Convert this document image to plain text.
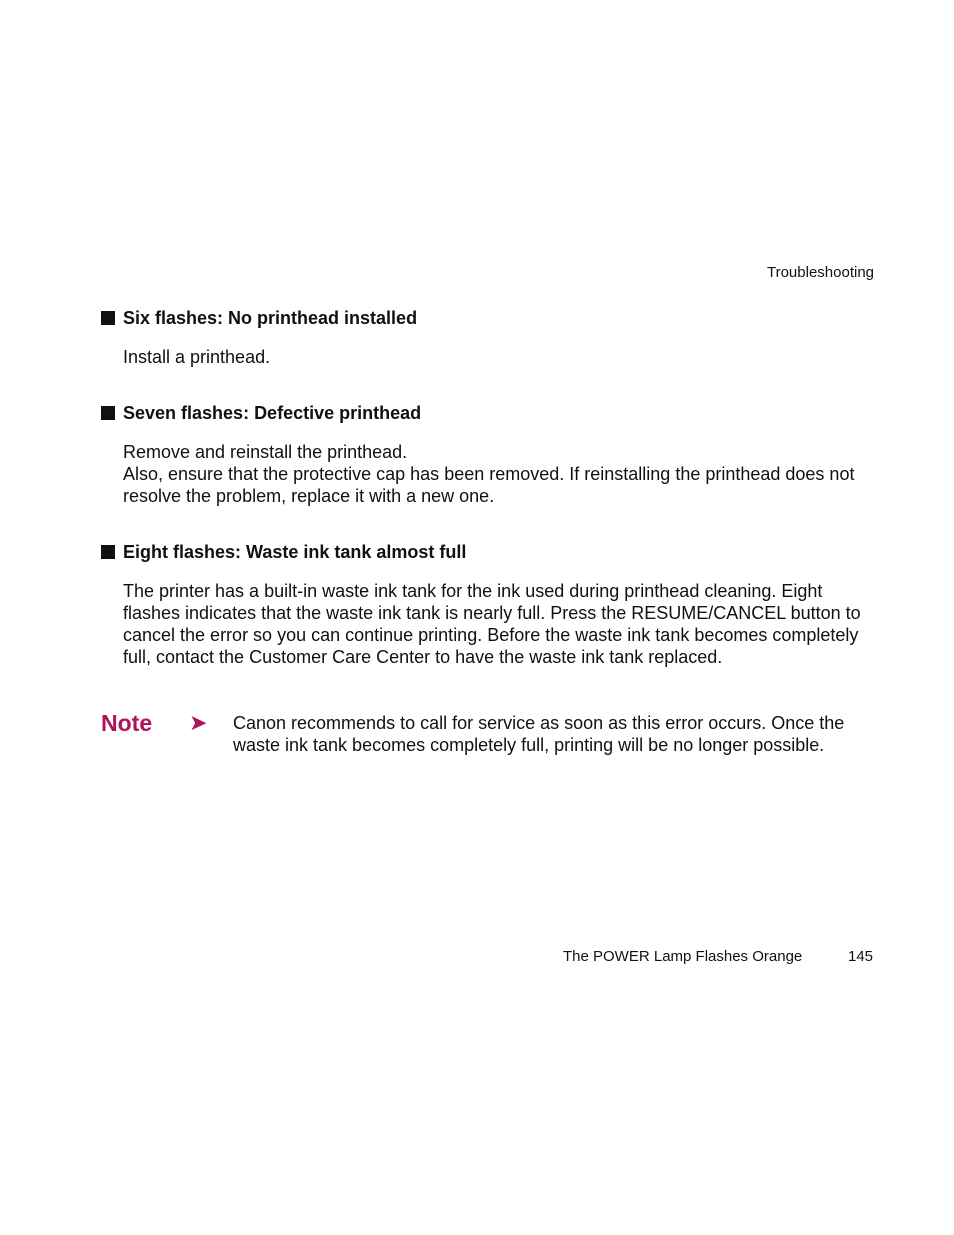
Troubleshooting
Six flashes: No printhead installed

Install a printhead.

Seven flashes: Defective printhead

Remove and reinstall the printhead.

Also, ensure that the protective cap has been removed. If reinstalling the printhead does not resolve the problem, replace it with a new one.

Eight flashes: Waste ink tank almost full

The printer has a built-in waste ink tank for the ink used during printhead cleaning. Eight flashes indicates that the waste ink tank is nearly full. Press the RESUME/CANCEL button to cancel the error so you can continue printing. Before the waste ink tank becomes completely full, contact the Customer Care Center to have the waste ink tank replaced.

Note ➤ Canon recommends to call for service as soon as this error occurs. Once the waste ink tank becomes completely full, printing will be no longer possible.
The POWER Lamp Flashes Orange	145
